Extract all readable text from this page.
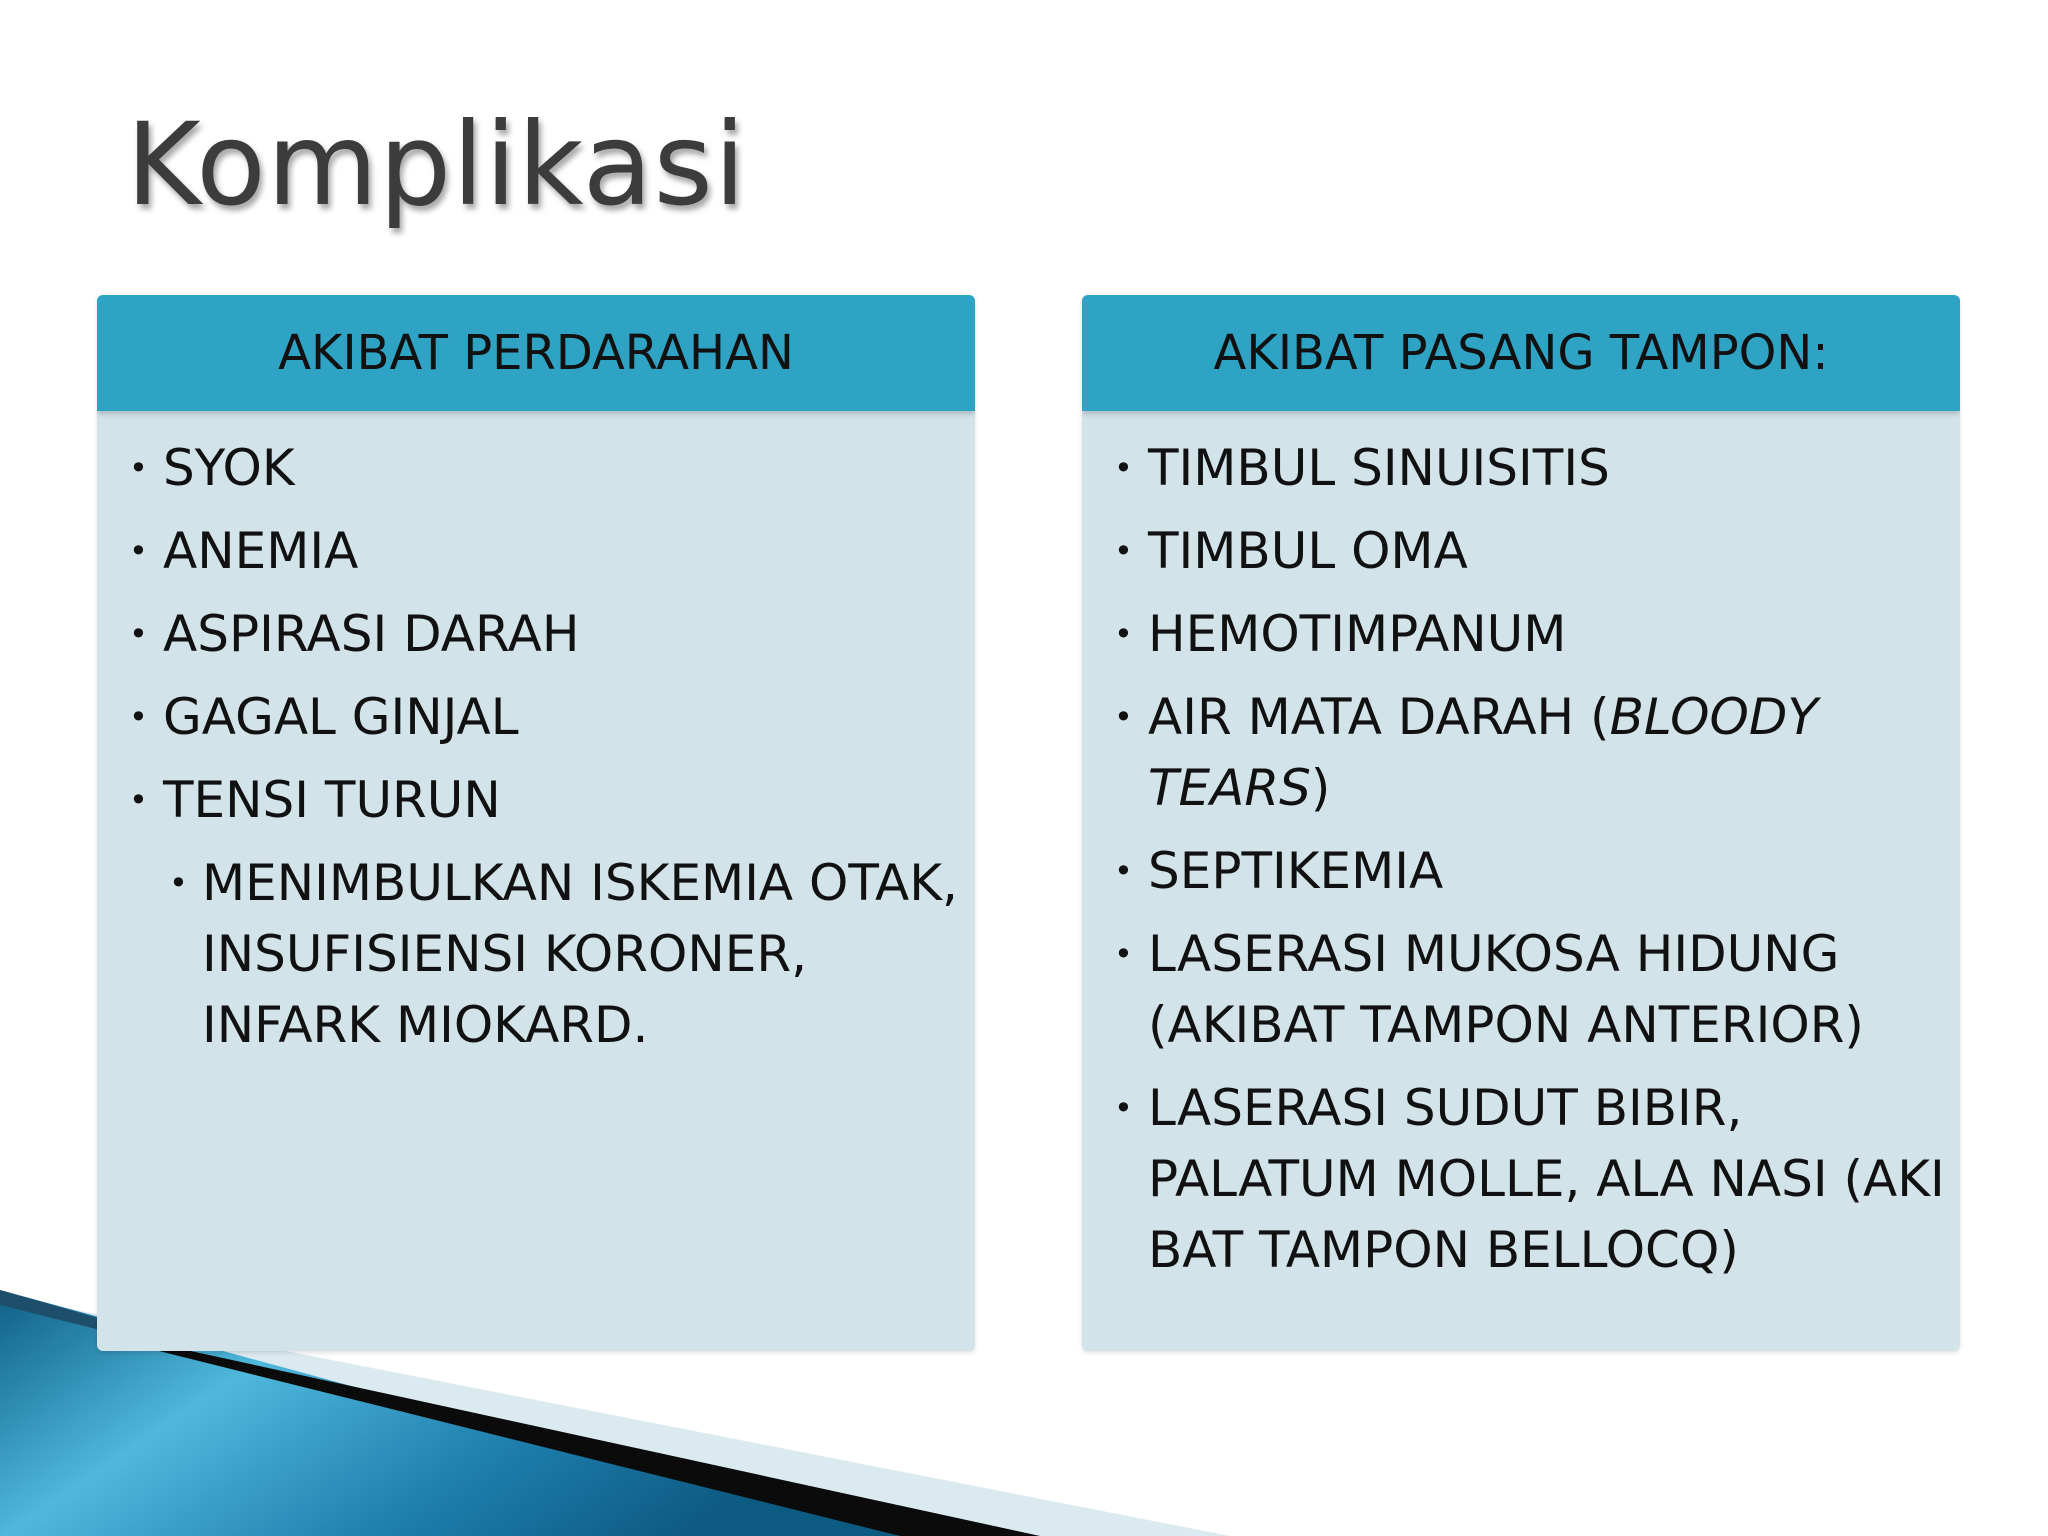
Komplikasi
AKIBAT PERDARAHAN
• SYOK
• ANEMIA
• ASPIRASI DARAH
• GAGAL GINJAL
• TENSI TURUN
• MENIMBULKAN ISKEMIA OTAK, INSUFISIENSI KORONER, INFARK MIOKARD.
AKIBAT PASANG TAMPON:
• TIMBUL SINUISITIS
• TIMBUL OMA
• HEMOTIMPANUM
• AIR MATA DARAH (BLOODY TEARS)
• SEPTIKEMIA
• LASERASI MUKOSA HIDUNG (AKIBAT TAMPON ANTERIOR)
• LASERASI SUDUT BIBIR, PALATUM MOLLE, ALA NASI (AKI BAT TAMPON BELLOCQ)
